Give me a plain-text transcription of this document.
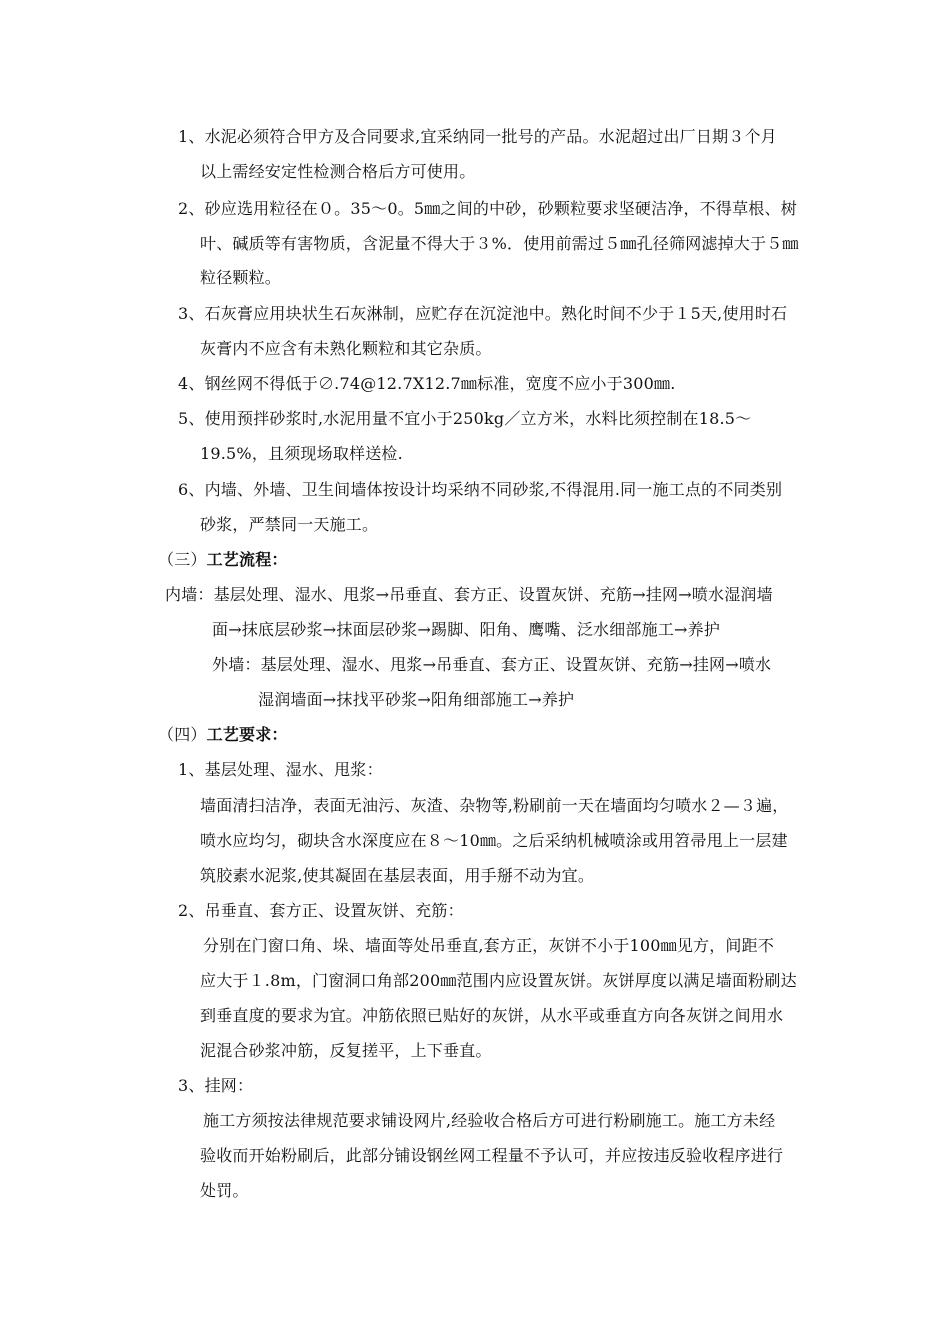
1、水泥必须符合甲方及合同要求,宜采纳同一批号的产品。水泥超过出厂日期３个月
以上需经安定性检测合格后方可使用。
2、砂应选用粒径在０。35～0。5㎜之间的中砂，砂颗粒要求坚硬洁净，不得草根、树
叶、碱质等有害物质，含泥量不得大于３%．使用前需过５㎜孔径筛网滤掉大于５㎜
粒径颗粒。
3、石灰膏应用块状生石灰淋制，应贮存在沉淀池中。熟化时间不少于１5天,使用时石
灰膏内不应含有未熟化颗粒和其它杂质。
4、钢丝网不得低于∅.74@12.7X12.7㎜标准，宽度不应小于300㎜.
5、使用预拌砂浆时,水泥用量不宜小于250kg／立方米，水料比须控制在18.5～
19.5%，且须现场取样送检.
6、内墙、外墙、卫生间墙体按设计均采纳不同砂浆,不得混用.同一施工点的不同类别
砂浆，严禁同一天施工。
（三）工艺流程：
内墙：基层处理、湿水、甩浆→吊垂直、套方正、设置灰饼、充筋→挂网→喷水湿润墙
面→抹底层砂浆→抹面层砂浆→踢脚、阳角、鹰嘴、泛水细部施工→养护
外墙：基层处理、湿水、甩浆→吊垂直、套方正、设置灰饼、充筋→挂网→喷水
湿润墙面→抹找平砂浆→阳角细部施工→养护
（四）工艺要求：
1、基层处理、湿水、甩浆：
墙面清扫洁净，表面无油污、灰渣、杂物等,粉刷前一天在墙面均匀喷水２—３遍，
喷水应均匀，砌块含水深度应在８～10㎜。之后采纳机械喷涂或用笤帚甩上一层建
筑胶素水泥浆,使其凝固在基层表面，用手掰不动为宜。
2、吊垂直、套方正、设置灰饼、充筋：
分别在门窗口角、垛、墙面等处吊垂直,套方正，灰饼不小于100㎜见方，间距不
应大于１.8m，门窗洞口角部200㎜范围内应设置灰饼。灰饼厚度以满足墙面粉刷达
到垂直度的要求为宜。冲筋依照已贴好的灰饼，从水平或垂直方向各灰饼之间用水
泥混合砂浆冲筋，反复搓平，上下垂直。
3、挂网：
施工方须按法律规范要求铺设网片,经验收合格后方可进行粉刷施工。施工方未经
验收而开始粉刷后，此部分铺设钢丝网工程量不予认可，并应按违反验收程序进行
处罚。
